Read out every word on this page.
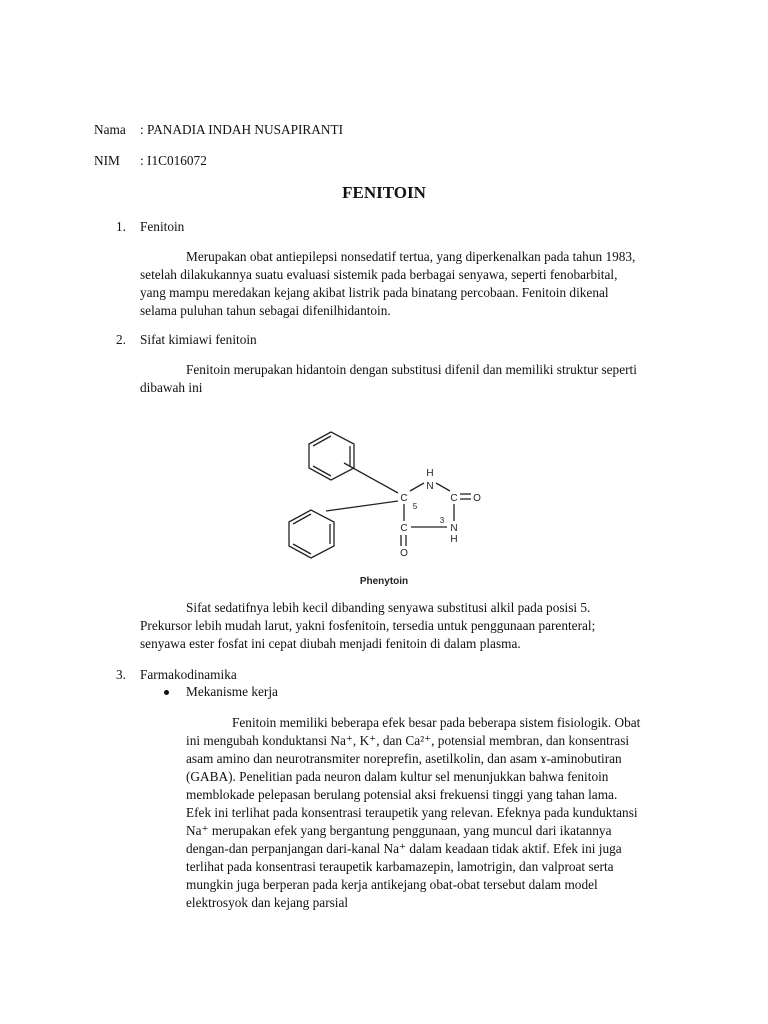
Nama : PANADIA INDAH NUSAPIRANTI
NIM : I1C016072
FENITOIN
1. Fenitoin
Merupakan obat antiepilepsi nonsedatif tertua, yang diperkenalkan pada tahun 1983,
setelah dilakukannya suatu evaluasi sistemik pada berbagai senyawa, seperti fenobarbital,
yang mampu meredakan kejang akibat listrik pada binatang percobaan. Fenitoin dikenal
selama puluhan tahun sebagai difenilhidantoin.
2. Sifat kimiawi fenitoin
Fenitoin merupakan hidantoin dengan substitusi difenil dan memiliki struktur seperti
dibawah ini
H
N
C
5
C O
3
N
H
C
O
Phenytoin
Sifat sedatifnya lebih kecil dibanding senyawa substitusi alkil pada posisi 5.
Prekursor lebih mudah larut, yakni fosfenitoin, tersedia untuk penggunaan parenteral;
senyawa ester fosfat ini cepat diubah menjadi fenitoin di dalam plasma.
3. Farmakodinamika
Mekanisme kerja
Fenitoin memiliki beberapa efek besar pada beberapa sistem fisiologik. Obat
ini mengubah konduktansi Na⁺, K⁺, dan Ca²⁺, potensial membran, dan konsentrasi
asam amino dan neurotransmiter noreprefin, asetilkolin, dan asam ɤ-aminobutiran
(GABA). Penelitian pada neuron dalam kultur sel menunjukkan bahwa fenitoin
memblokade pelepasan berulang potensial aksi frekuensi tinggi yang tahan lama.
Efek ini terlihat pada konsentrasi teraupetik yang relevan. Efeknya pada kunduktansi
Na⁺ merupakan efek yang bergantung penggunaan, yang muncul dari ikatannya
dengan-dan perpanjangan dari-kanal Na⁺ dalam keadaan tidak aktif. Efek ini juga
terlihat pada konsentrasi teraupetik karbamazepin, lamotrigin, dan valproat serta
mungkin juga berperan pada kerja antikejang obat-obat tersebut dalam model
elektrosyok dan kejang parsial
